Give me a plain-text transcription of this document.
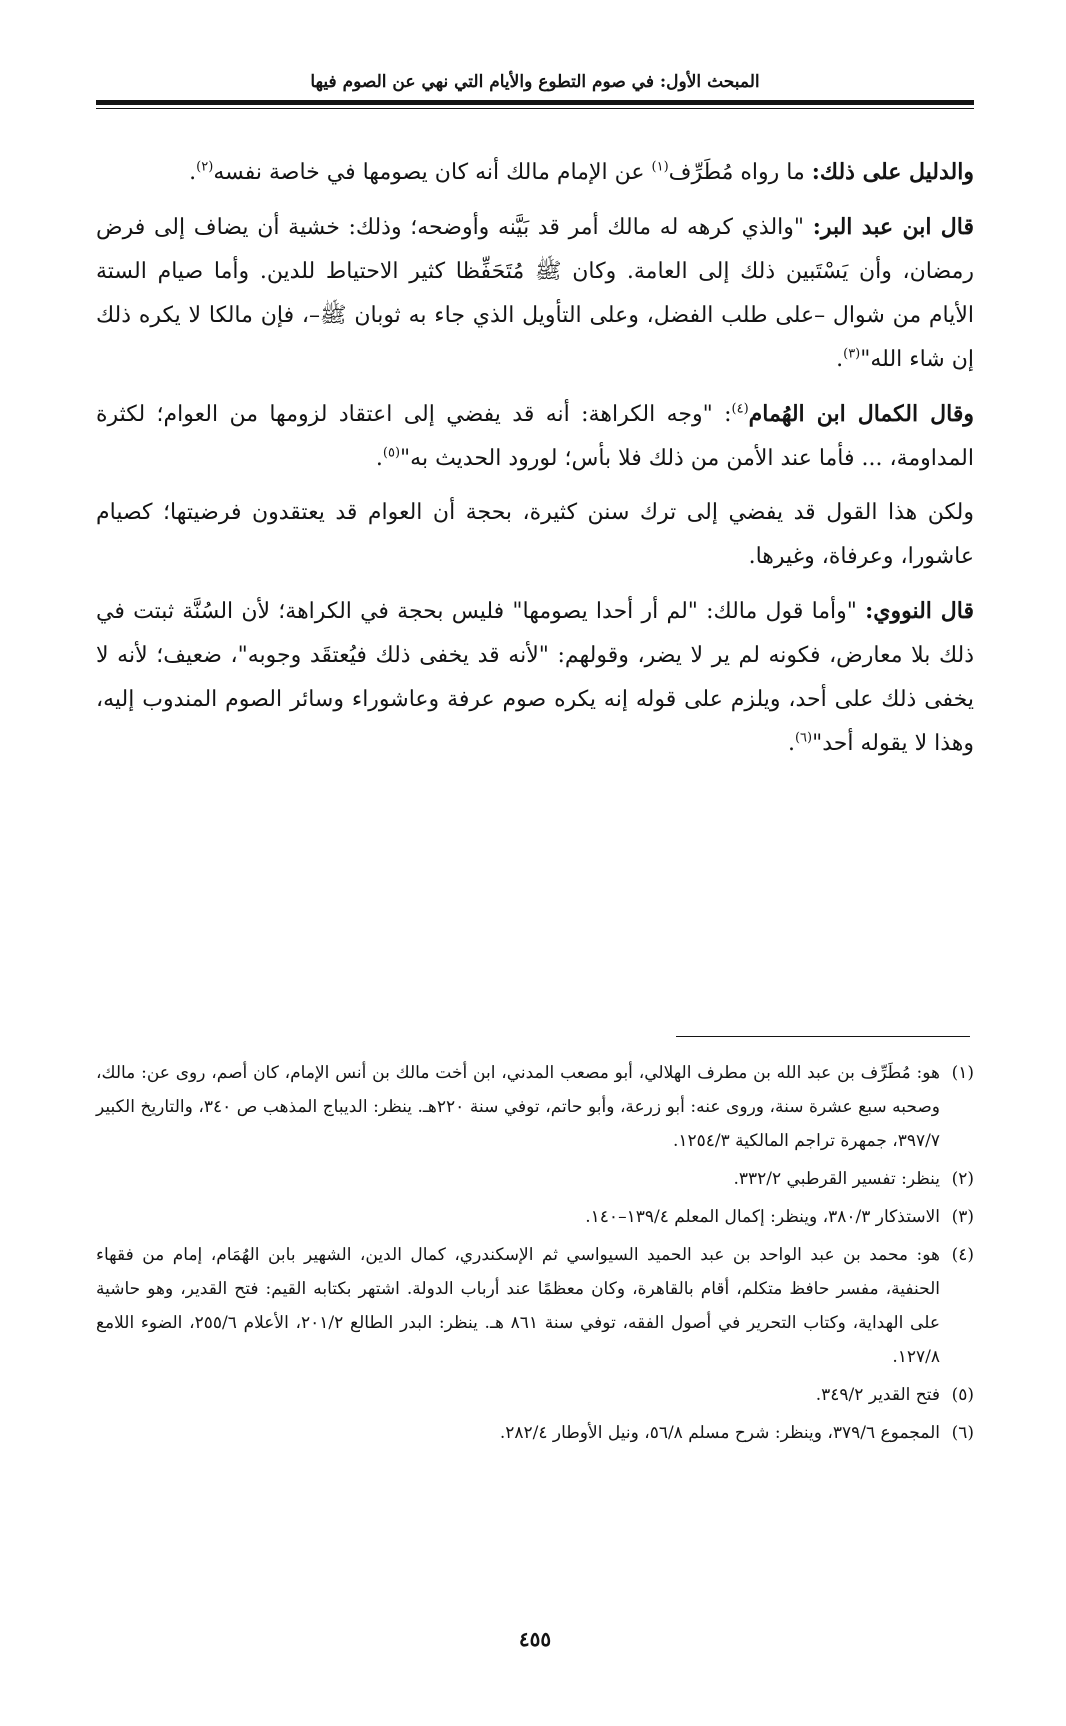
المبحث الأول: في صوم التطوع والأيام التي نهي عن الصوم فيها

والدليل على ذلك: ما رواه مُطَرِّف$^{(١)}$ عن الإمام مالك أنه كان يصومها في خاصة نفسه$^{(٢)}$.

قال ابن عبد البر: "والذي كرهه له مالك أمر قد بَيَّنه وأوضحه؛ وذلك: خشية أن يضاف إلى فرض رمضان، وأن يَسْتَبين ذلك إلى العامة. وكان ﷺ مُتَحَفِّظا كثير الاحتياط للدين. وأما صيام الستة الأيام من شوال –على طلب الفضل، وعلى التأويل الذي جاء به ثوبان ﷺ–، فإن مالكا لا يكره ذلك إن شاء الله"$^{(٣)}$.

وقال الكمال ابن الهُمام$^{(٤)}$: "وجه الكراهة: أنه قد يفضي إلى اعتقاد لزومها من العوام؛ لكثرة المداومة، ... فأما عند الأمن من ذلك فلا بأس؛ لورود الحديث به"$^{(٥)}$.

ولكن هذا القول قد يفضي إلى ترك سنن كثيرة، بحجة أن العوام قد يعتقدون فرضيتها؛ كصيام عاشورا، وعرفاة، وغيرها.

قال النووي: "وأما قول مالك: "لم أر أحدا يصومها" فليس بحجة في الكراهة؛ لأن السُنَّة ثبتت في ذلك بلا معارض، فكونه لم ير لا يضر، وقولهم: "لأنه قد يخفى ذلك فيُعتقَد وجوبه"، ضعيف؛ لأنه لا يخفى ذلك على أحد، ويلزم على قوله إنه يكره صوم عرفة وعاشوراء وسائر الصوم المندوب إليه، وهذا لا يقوله أحد"$^{(٦)}$.

(١)
هو: مُطَرِّف بن عبد الله بن مطرف الهلالي، أبو مصعب المدني، ابن أخت مالك بن أنس الإمام، كان أصم، روى عن: مالك، وصحبه سبع عشرة سنة، وروى عنه: أبو زرعة، وأبو حاتم، توفي سنة ٢٢٠هـ. ينظر: الديباج المذهب ص ٣٤٠، والتاريخ الكبير ٣٩٧/٧، جمهرة تراجم المالكية ١٢٥٤/٣.
(٢)
ينظر: تفسير القرطبي ٣٣٢/٢.
(٣)
الاستذكار ٣٨٠/٣، وينظر: إكمال المعلم ١٣٩/٤–١٤٠.
(٤)
هو: محمد بن عبد الواحد بن عبد الحميد السيواسي ثم الإسكندري، كمال الدين، الشهير بابن الهُمَام، إمام من فقهاء الحنفية، مفسر حافظ متكلم، أقام بالقاهرة، وكان معظمًا عند أرباب الدولة. اشتهر بكتابه القيم: فتح القدير، وهو حاشية على الهداية، وكتاب التحرير في أصول الفقه، توفي سنة ٨٦١ هـ. ينظر: البدر الطالع ٢٠١/٢، الأعلام ٢٥٥/٦، الضوء اللامع ١٢٧/٨.
(٥)
فتح القدير ٣٤٩/٢.
(٦)
المجموع ٣٧٩/٦، وينظر: شرح مسلم ٥٦/٨، ونيل الأوطار ٢٨٢/٤.
٤٥٥
